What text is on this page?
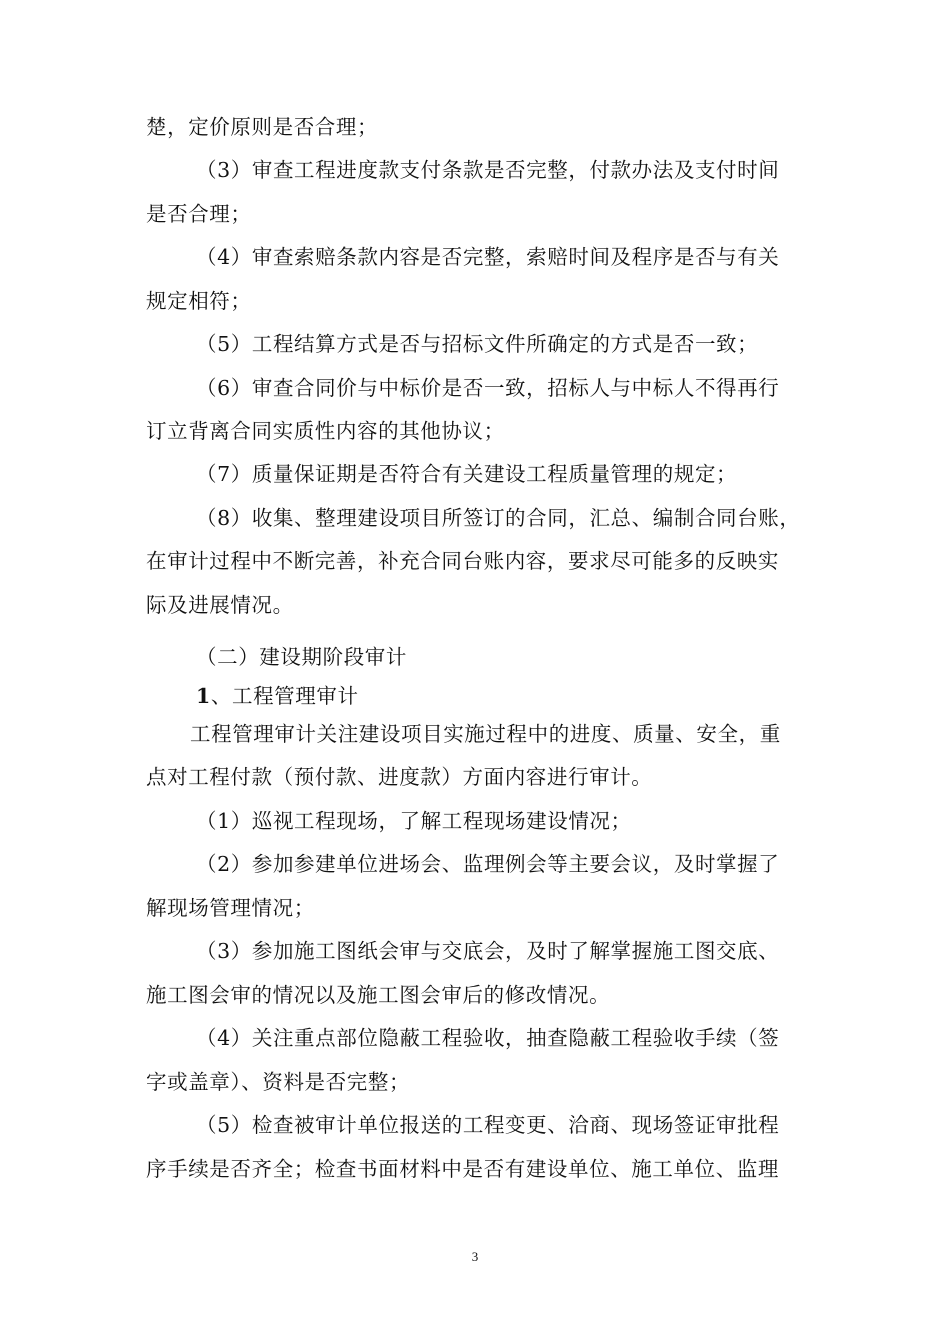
楚，定价原则是否合理；
（3）审查工程进度款支付条款是否完整，付款办法及支付时间
是否合理；
（4）审查索赔条款内容是否完整，索赔时间及程序是否与有关
规定相符；
（5）工程结算方式是否与招标文件所确定的方式是否一致；
（6）审查合同价与中标价是否一致，招标人与中标人不得再行
订立背离合同实质性内容的其他协议；
（7）质量保证期是否符合有关建设工程质量管理的规定；
（8）收集、整理建设项目所签订的合同，汇总、编制合同台账，
在审计过程中不断完善，补充合同台账内容，要求尽可能多的反映实
际及进展情况。
（二）建设期阶段审计
1、工程管理审计
工程管理审计关注建设项目实施过程中的进度、质量、安全，重
点对工程付款（预付款、进度款）方面内容进行审计。
（1）巡视工程现场，了解工程现场建设情况；
（2）参加参建单位进场会、监理例会等主要会议，及时掌握了
解现场管理情况；
（3）参加施工图纸会审与交底会，及时了解掌握施工图交底、
施工图会审的情况以及施工图会审后的修改情况。
（4）关注重点部位隐蔽工程验收，抽查隐蔽工程验收手续（签
字或盖章）、资料是否完整；
（5）检查被审计单位报送的工程变更、洽商、现场签证审批程
序手续是否齐全；检查书面材料中是否有建设单位、施工单位、监理
3
